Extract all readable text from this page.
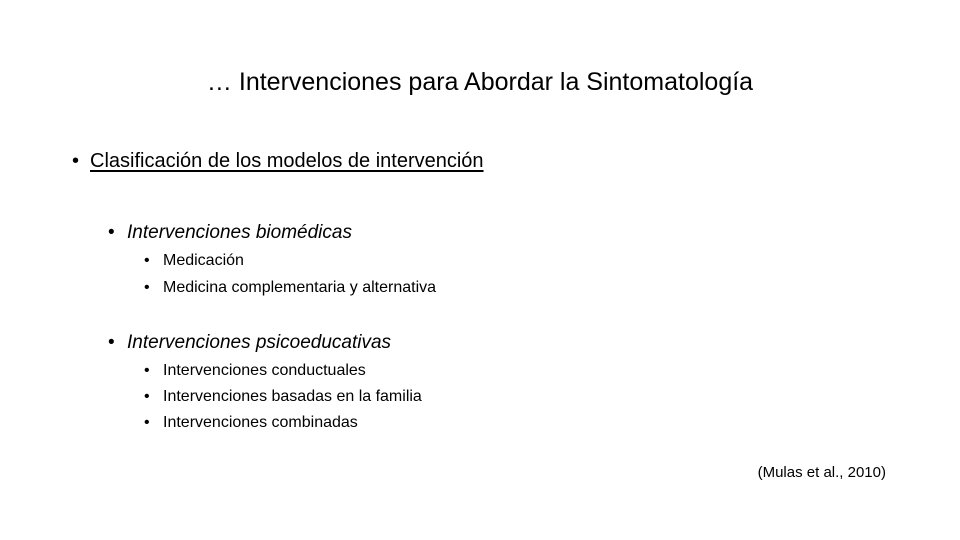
… Intervenciones para Abordar la Sintomatología
• Clasificación de los modelos de intervención
• Intervenciones biomédicas
• Medicación
• Medicina complementaria y alternativa
• Intervenciones psicoeducativas
• Intervenciones conductuales
• Intervenciones basadas en la familia
• Intervenciones combinadas
(Mulas et al., 2010)
